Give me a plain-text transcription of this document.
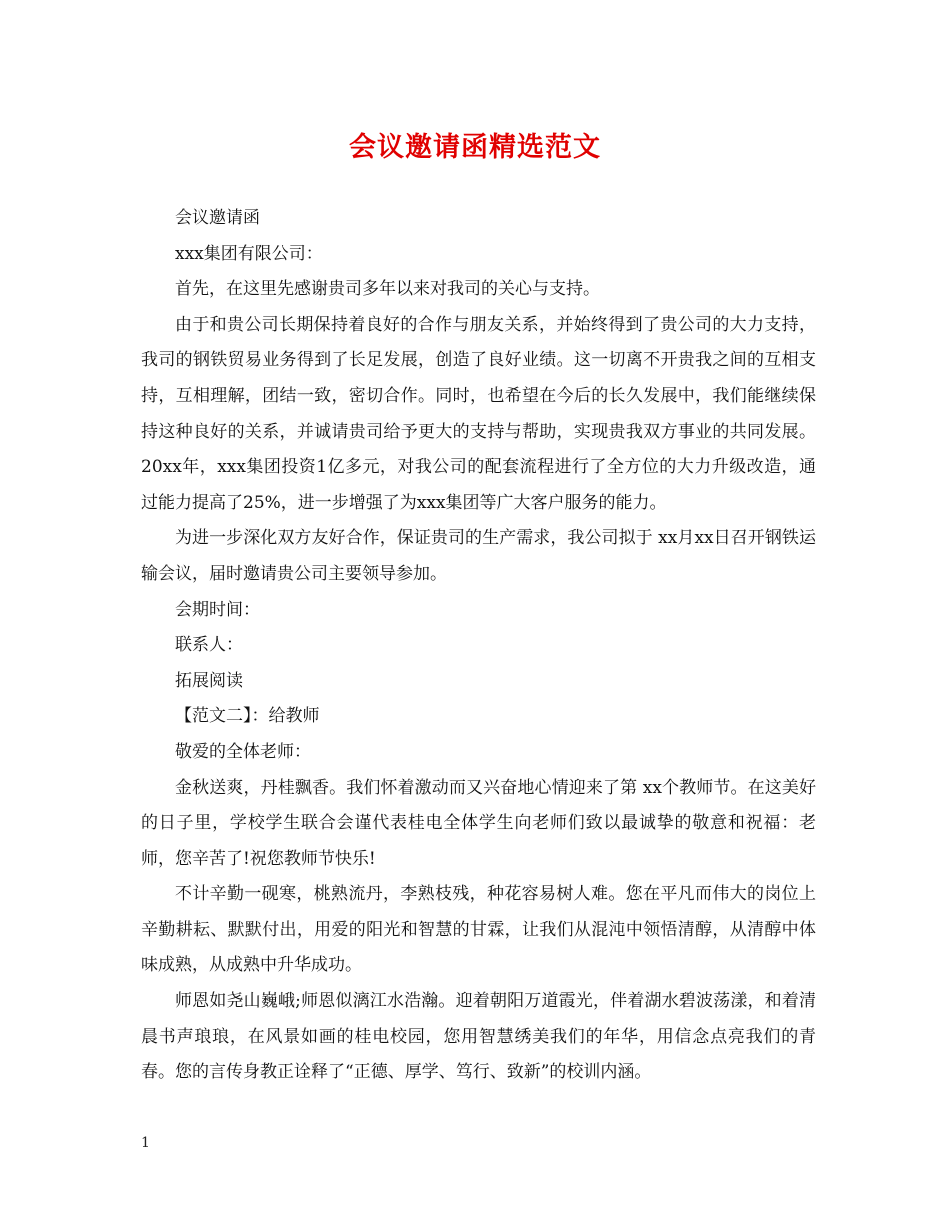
会议邀请函精选范文

会议邀请函

xxx集团有限公司：

首先，在这里先感谢贵司多年以来对我司的关心与支持。

由于和贵公司长期保持着良好的合作与朋友关系，并始终得到了贵公司的大力支持，我司的钢铁贸易业务得到了长足发展，创造了良好业绩。这一切离不开贵我之间的互相支持，互相理解，团结一致，密切合作。同时，也希望在今后的长久发展中，我们能继续保持这种良好的关系，并诚请贵司给予更大的支持与帮助，实现贵我双方事业的共同发展。20xx年，xxx集团投资1亿多元，对我公司的配套流程进行了全方位的大力升级改造，通过能力提高了25%，进一步增强了为xxx集团等广大客户服务的能力。

为进一步深化双方友好合作，保证贵司的生产需求，我公司拟于 xx月xx日召开钢铁运输会议，届时邀请贵公司主要领导参加。

会期时间：

联系人：

拓展阅读

【范文二】：给教师

敬爱的全体老师：

金秋送爽，丹桂飘香。我们怀着激动而又兴奋地心情迎来了第 xx个教师节。在这美好的日子里，学校学生联合会谨代表桂电全体学生向老师们致以最诚挚的敬意和祝福：老师，您辛苦了!祝您教师节快乐!

不计辛勤一砚寒，桃熟流丹，李熟枝残，种花容易树人难。您在平凡而伟大的岗位上辛勤耕耘、默默付出，用爱的阳光和智慧的甘霖，让我们从混沌中领悟清醇，从清醇中体味成熟，从成熟中升华成功。

师恩如尧山巍峨;师恩似漓江水浩瀚。迎着朝阳万道霞光，伴着湖水碧波荡漾，和着清晨书声琅琅，在风景如画的桂电校园，您用智慧绣美我们的年华，用信念点亮我们的青春。您的言传身教正诠释了“正德、厚学、笃行、致新”的校训内涵。

1
